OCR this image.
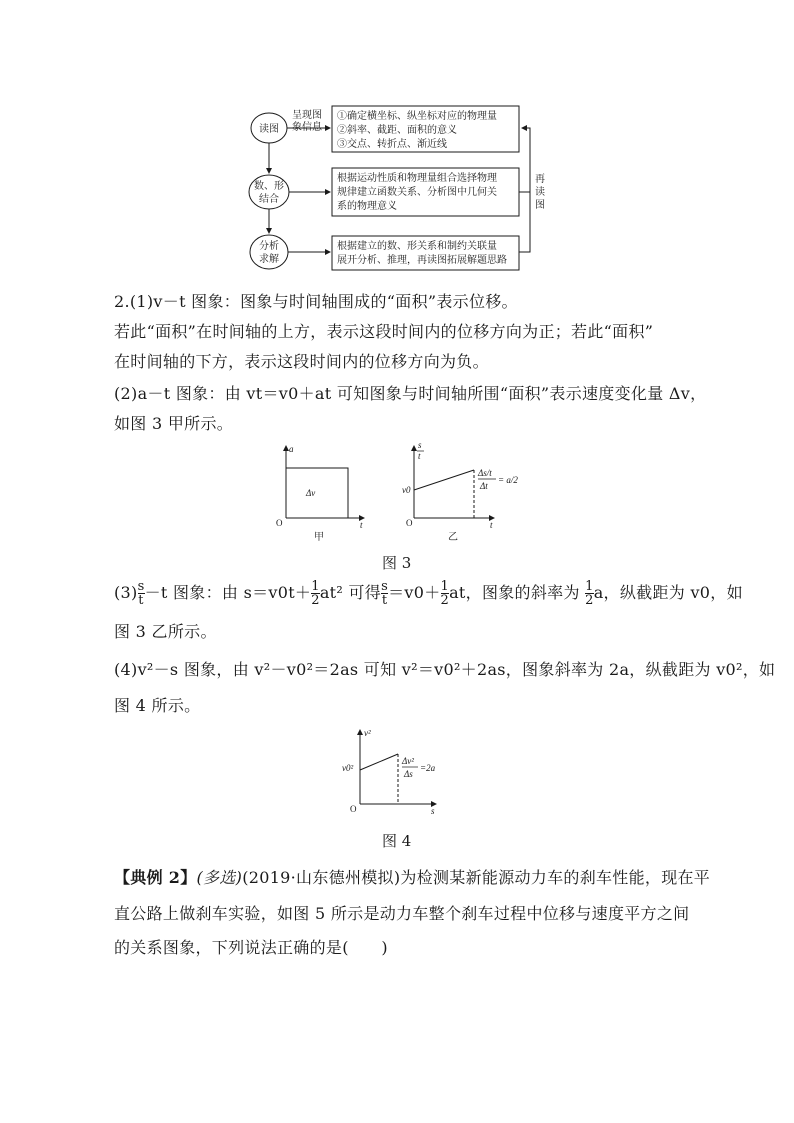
读图
数、形
结合
分析
求解
呈现图
象信息
①确定横坐标、纵坐标对应的物理量
②斜率、截距、面积的意义
③交点、转折点、渐近线
根据运动性质和物理量组合选择物理
规律建立函数关系、分析图中几何关
系的物理意义
根据建立的数、形关系和制约关联量
展开分析、推理，再读图拓展解题思路
再
读
图
2.(1)v－t 图象：图象与时间轴围成的“面积”表示位移。
若此“面积”在时间轴的上方，表示这段时间内的位移方向为正；若此“面积”
在时间轴的下方，表示这段时间内的位移方向为负。
(2)a－t 图象：由 vt＝v0＋at 可知图象与时间轴所围“面积”表示速度变化量 Δv，
如图 3 甲所示。
a
t
O
Δv
甲
s
t
t
O
v0
Δs/t
Δt
= a/2
乙
图 3
$(3) \frac{s}{t} -t$ 图象：由 $s=v0t+ \frac{1}{2} at^2$ 可得 $\frac{s}{t} =v0+ \frac{1}{2}$ at，图象的斜率为 $\frac{1}{2}$ a，纵截距为 v0，如
图 3 乙所示。
(4)v²－s 图象，由 v²－v0²＝2as 可知 v²＝v0²＋2as，图象斜率为 2a，纵截距为 v0²，如
图 4 所示。
v²
s
O
v0²
Δv²
Δs
=2a
图 4
【典例 2】(多选)(2019·山东德州模拟)为检测某新能源动力车的刹车性能，现在平
直公路上做刹车实验，如图 5 所示是动力车整个刹车过程中位移与速度平方之间
的关系图象，下列说法正确的是(　　)
